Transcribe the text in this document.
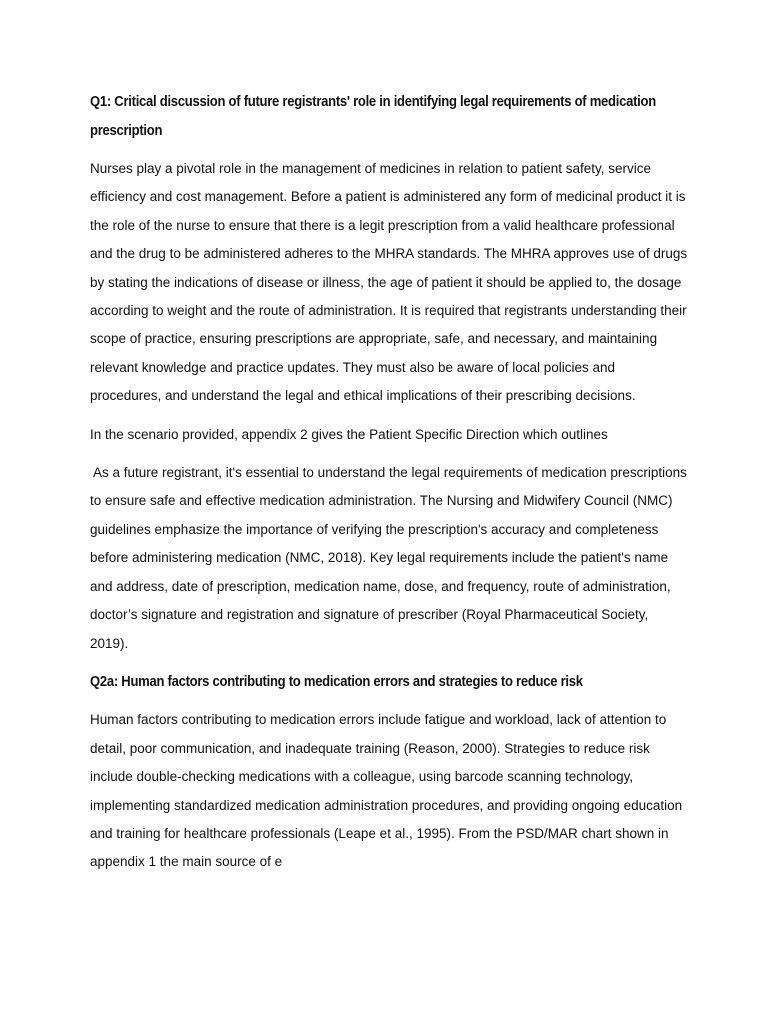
Q1: Critical discussion of future registrants' role in identifying legal requirements of medication prescription

Nurses play a pivotal role in the management of medicines in relation to patient safety, service efficiency and cost management. Before a patient is administered any form of medicinal product it is the role of the nurse to ensure that there is a legit prescription from a valid healthcare professional and the drug to be administered adheres to the MHRA standards. The MHRA approves use of drugs by stating the indications of disease or illness, the age of patient it should be applied to, the dosage according to weight and the route of administration. It is required that registrants understanding their scope of practice, ensuring prescriptions are appropriate, safe, and necessary, and maintaining relevant knowledge and practice updates. They must also be aware of local policies and procedures, and understand the legal and ethical implications of their prescribing decisions.

In the scenario provided, appendix 2 gives the Patient Specific Direction which outlines

As a future registrant, it's essential to understand the legal requirements of medication prescriptions to ensure safe and effective medication administration. The Nursing and Midwifery Council (NMC) guidelines emphasize the importance of verifying the prescription's accuracy and completeness before administering medication (NMC, 2018). Key legal requirements include the patient's name and address, date of prescription, medication name, dose, and frequency, route of administration, doctor’s signature and registration and signature of prescriber (Royal Pharmaceutical Society, 2019).

Q2a: Human factors contributing to medication errors and strategies to reduce risk

Human factors contributing to medication errors include fatigue and workload, lack of attention to detail, poor communication, and inadequate training (Reason, 2000). Strategies to reduce risk include double-checking medications with a colleague, using barcode scanning technology, implementing standardized medication administration procedures, and providing ongoing education and training for healthcare professionals (Leape et al., 1995). From the PSD/MAR chart shown in appendix 1 the main source of e
